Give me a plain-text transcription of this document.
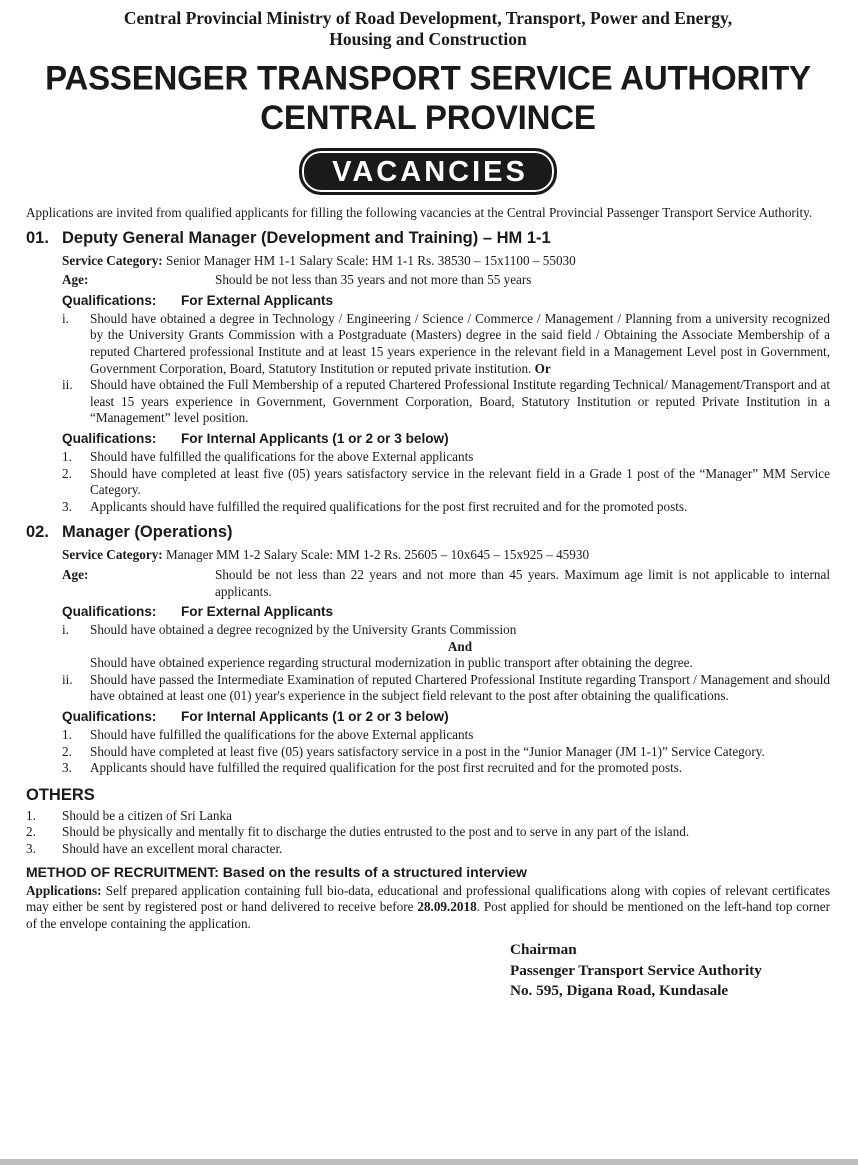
Central Provincial Ministry of Road Development, Transport, Power and Energy,
Housing and Construction
PASSENGER TRANSPORT SERVICE AUTHORITY
CENTRAL PROVINCE
VACANCIES

Applications are invited from qualified applicants for filling the following vacancies at the Central Provincial Passenger Transport Service Authority.

01. Deputy General Manager (Development and Training) – HM 1-1
Service Category: Senior Manager HM 1-1 Salary Scale: HM 1-1 Rs. 38530 – 15x1100 – 55030
Age:	Should be not less than 35 years and not more than 55 years
Qualifications: For External Applicants
i. Should have obtained a degree in Technology / Engineering / Science / Commerce / Management / Planning from a university recognized by the University Grants Commission with a Postgraduate (Masters) degree in the said field / Obtaining the Associate Membership of a reputed Chartered professional Institute and at least 15 years experience in the relevant field in a Management Level post in Government, Government Corporation, Board, Statutory Institution or reputed private institution. Or
ii. Should have obtained the Full Membership of a reputed Chartered Professional Institute regarding Technical/ Management/Transport and at least 15 years experience in Government, Government Corporation, Board, Statutory Institution or reputed Private Institution in a “Management” level position.
Qualifications: For Internal Applicants (1 or 2 or 3 below)
1. Should have fulfilled the qualifications for the above External applicants
2. Should have completed at least five (05) years satisfactory service in the relevant field in a Grade 1 post of the “Manager” MM Service Category.
3. Applicants should have fulfilled the required qualifications for the post first recruited and for the promoted posts.
02. Manager (Operations)
Service Category: Manager MM 1-2 Salary Scale: MM 1-2 Rs. 25605 – 10x645 – 15x925 – 45930
Age:	Should be not less than 22 years and not more than 45 years. Maximum age limit is not applicable to internal applicants.
Qualifications: For External Applicants
i. Should have obtained a degree recognized by the University Grants Commission
And
Should have obtained experience regarding structural modernization in public transport after obtaining the degree.
ii. Should have passed the Intermediate Examination of reputed Chartered Professional Institute regarding Transport / Management and should have obtained at least one (01) year's experience in the subject field relevant to the post after obtaining the qualifications.
Qualifications: For Internal Applicants (1 or 2 or 3 below)
1. Should have fulfilled the qualifications for the above External applicants
2. Should have completed at least five (05) years satisfactory service in a post in the “Junior Manager (JM 1-1)” Service Category.
3. Applicants should have fulfilled the required qualification for the post first recruited and for the promoted posts.
OTHERS
1. Should be a citizen of Sri Lanka
2. Should be physically and mentally fit to discharge the duties entrusted to the post and to serve in any part of the island.
3. Should have an excellent moral character.
METHOD OF RECRUITMENT: Based on the results of a structured interview

Applications: Self prepared application containing full bio-data, educational and professional qualifications along with copies of relevant certificates may either be sent by registered post or hand delivered to receive before 28.09.2018. Post applied for should be mentioned on the left-hand top corner of the envelope containing the application.

Chairman
Passenger Transport Service Authority
No. 595, Digana Road, Kundasale
